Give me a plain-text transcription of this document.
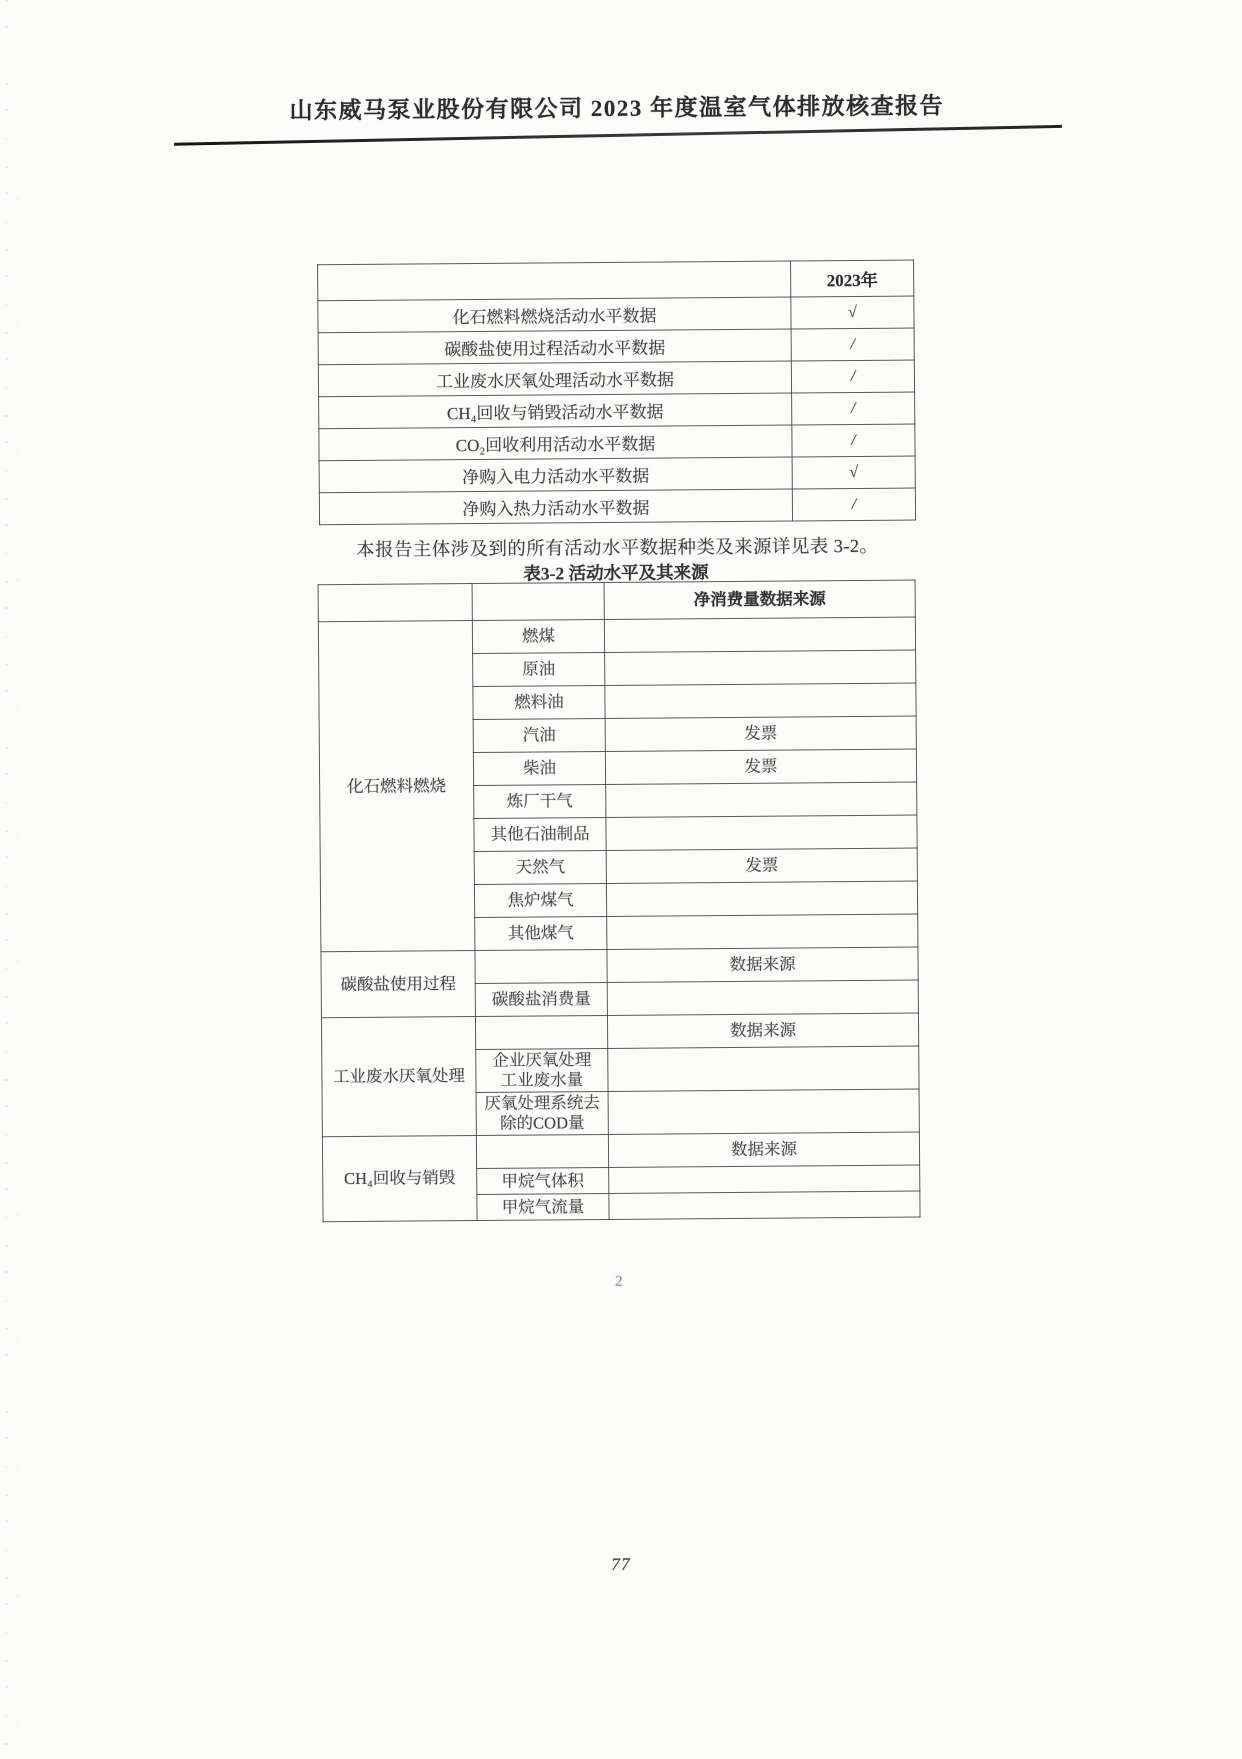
山东威马泵业股份有限公司 2023 年度温室气体排放核查报告
	2023年
化石燃料燃烧活动水平数据	√
碳酸盐使用过程活动水平数据	/
工业废水厌氧处理活动水平数据	/
CH₄回收与销毁活动水平数据	/
CO₂回收利用活动水平数据	/
净购入电力活动水平数据	√
净购入热力活动水平数据	/
本报告主体涉及到的所有活动水平数据种类及来源详见表 3-2。
表3-2 活动水平及其来源
		净消费量数据来源
化石燃料燃烧	燃煤	
	原油	
	燃料油	
	汽油	发票
	柴油	发票
	炼厂干气	
	其他石油制品	
	天然气	发票
	焦炉煤气	
	其他煤气	
碳酸盐使用过程		数据来源
	碳酸盐消费量	
工业废水厌氧处理		数据来源
	企业厌氧处理
工业废水量	
	厌氧处理系统去
除的COD量	
CH₄回收与销毁		数据来源
	甲烷气体积	
	甲烷气流量	
2
77
